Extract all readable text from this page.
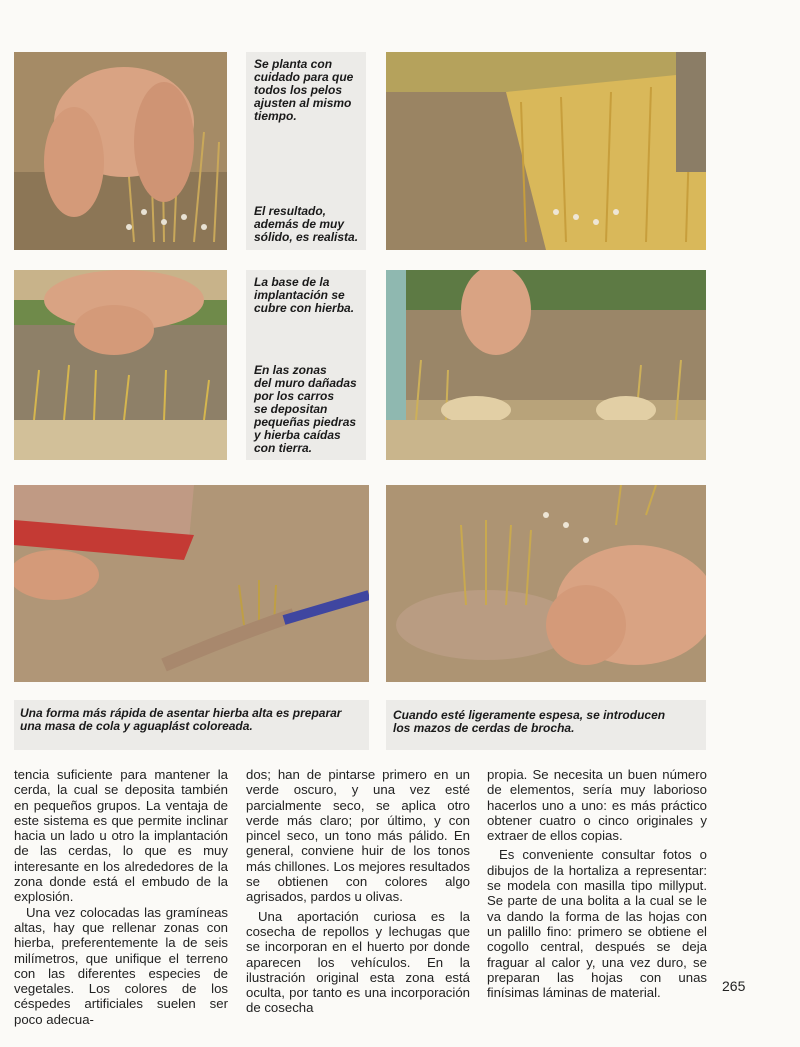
Se planta con
cuidado para que
todos los pelos
ajusten al mismo
tiempo.

El resultado,
además de muy
sólido, es realista.

La base de la
implantación se
cubre con hierba.

En las zonas
del muro dañadas
por los carros
se depositan
pequeñas piedras
y hierba caídas
con tierra.

Una forma más rápida de asentar hierba alta es preparar
una masa de cola y aguaplást coloreada.

Cuando esté ligeramente espesa, se introducen
los mazos de cerdas de brocha.

tencia suficiente para mantener la cerda, la cual se deposita también en pequeños grupos. La ventaja de este sistema es que permite inclinar hacia un lado u otro la implantación de las cerdas, lo que es muy interesante en los alrededores de la zona donde está el embudo de la explosión.

Una vez colocadas las gramíneas altas, hay que rellenar zonas con hierba, preferentemente la de seis milímetros, que unifique el terreno con las diferentes especies de vegetales. Los colores de los céspedes artificiales suelen ser poco adecua-

dos; han de pintarse primero en un verde oscuro, y una vez esté parcialmente seco, se aplica otro verde más claro; por último, y con pincel seco, un tono más pálido. En general, conviene huir de los tonos más chillones. Los mejores resultados se obtienen con colores algo agrisados, pardos u olivas.

Una aportación curiosa es la cosecha de repollos y lechugas que se incorporan en el huerto por donde aparecen los vehículos. En la ilustración original esta zona está oculta, por tanto es una incorporación de cosecha

propia. Se necesita un buen número de elementos, sería muy laborioso hacerlos uno a uno: es más práctico obtener cuatro o cinco originales y extraer de ellos copias.

Es conveniente consultar fotos o dibujos de la hortaliza a representar: se modela con masilla tipo millyput. Se parte de una bolita a la cual se le va dando la forma de las hojas con un palillo fino: primero se obtiene el cogollo central, después se deja fraguar al calor y, una vez duro, se preparan las hojas con unas finísimas láminas de material.	265
